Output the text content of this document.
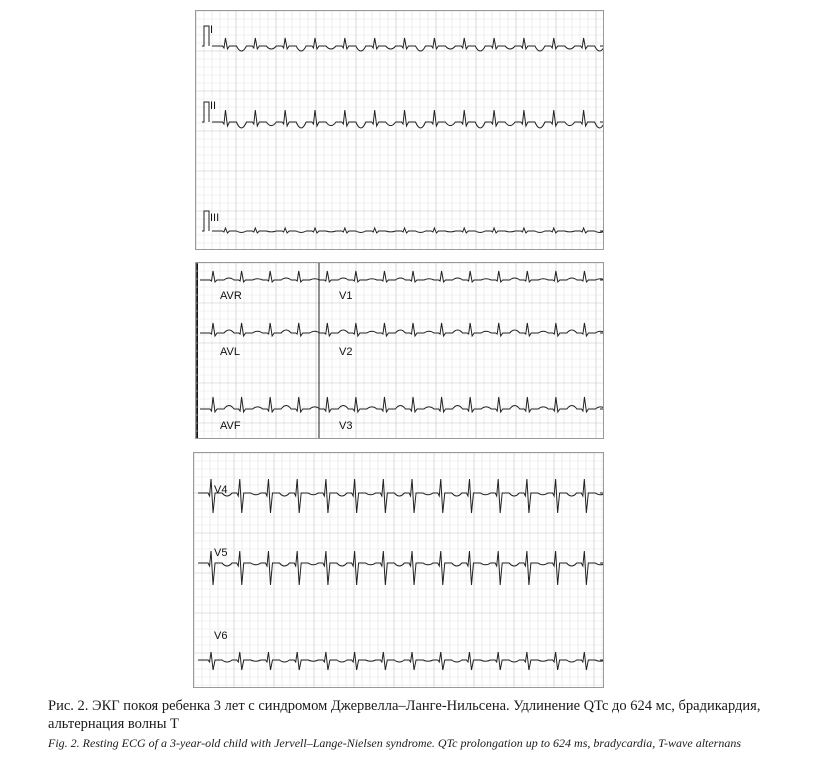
I
II
III
AVR	V1
AVL	V2
AVF	V3
V4
V5
V6
Рис. 2. ЭКГ покоя ребенка 3 лет с синдромом Джервелла–Ланге-Нильсена. Удлинение QTc до 624 мс, брадикардия, альтернация волны T
Fig. 2. Resting ECG of a 3-year-old child with Jervell–Lange-Nielsen syndrome. QTc prolongation up to 624 ms, bradycardia, T-wave alternans
